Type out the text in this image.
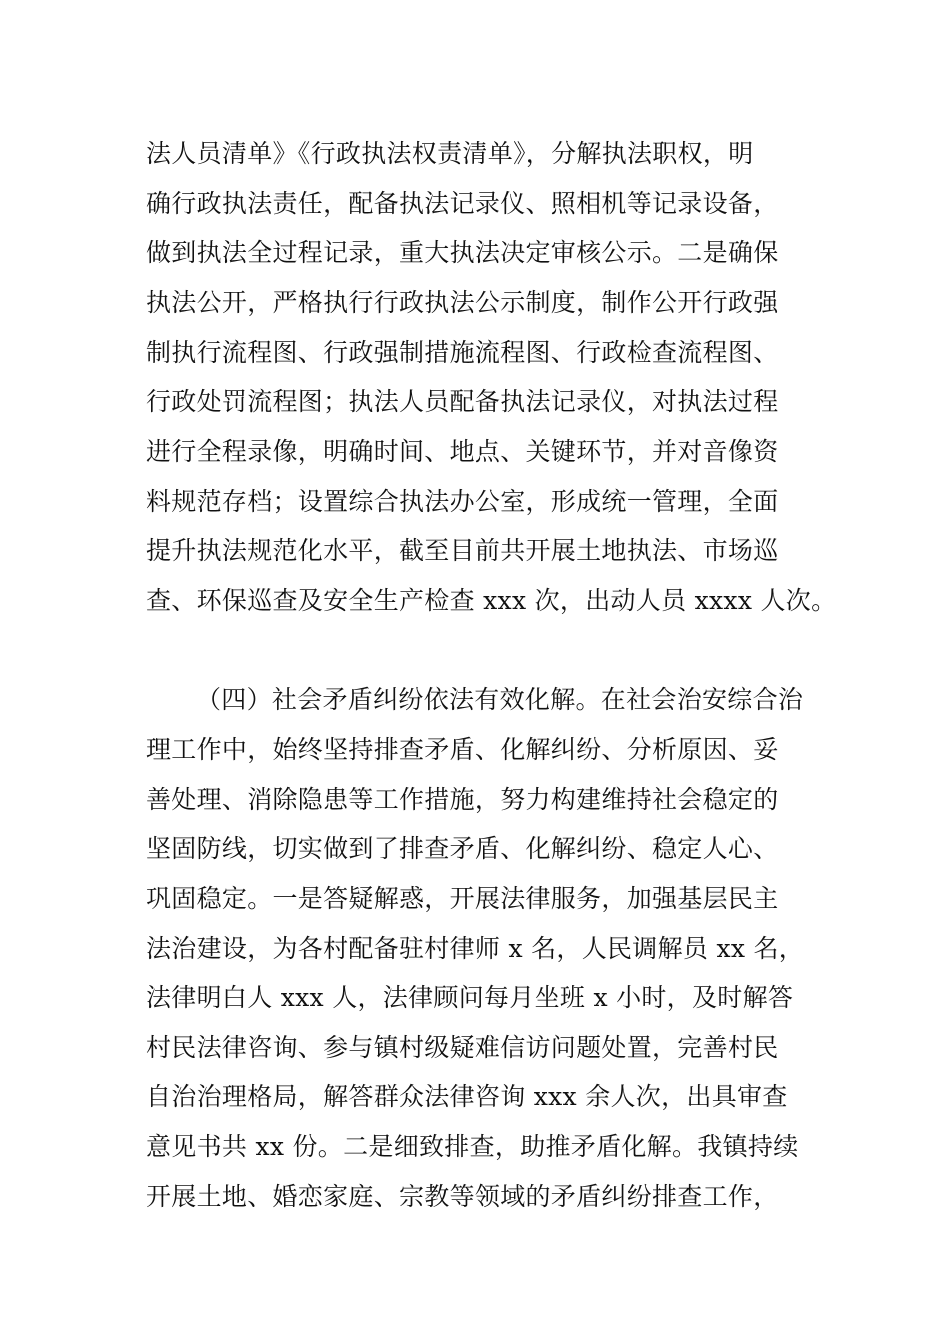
法人员清单》《行政执法权责清单》，分解执法职权，明
确行政执法责任，配备执法记录仪、照相机等记录设备，
做到执法全过程记录，重大执法决定审核公示。二是确保
执法公开，严格执行行政执法公示制度，制作公开行政强
制执行流程图、行政强制措施流程图、行政检查流程图、
行政处罚流程图；执法人员配备执法记录仪，对执法过程
进行全程录像，明确时间、地点、关键环节，并对音像资
料规范存档；设置综合执法办公室，形成统一管理，全面
提升执法规范化水平，截至目前共开展土地执法、市场巡
查、环保巡查及安全生产检查 xxx 次，出动人员 xxxx 人次。
（四）社会矛盾纠纷依法有效化解。在社会治安综合治
理工作中，始终坚持排查矛盾、化解纠纷、分析原因、妥
善处理、消除隐患等工作措施，努力构建维持社会稳定的
坚固防线，切实做到了排查矛盾、化解纠纷、稳定人心、
巩固稳定。一是答疑解惑，开展法律服务，加强基层民主
法治建设，为各村配备驻村律师 x 名，人民调解员 xx 名，
法律明白人 xxx 人，法律顾问每月坐班 x 小时，及时解答
村民法律咨询、参与镇村级疑难信访问题处置，完善村民
自治治理格局，解答群众法律咨询 xxx 余人次，出具审查
意见书共 xx 份。二是细致排查，助推矛盾化解。我镇持续
开展土地、婚恋家庭、宗教等领域的矛盾纠纷排查工作，
